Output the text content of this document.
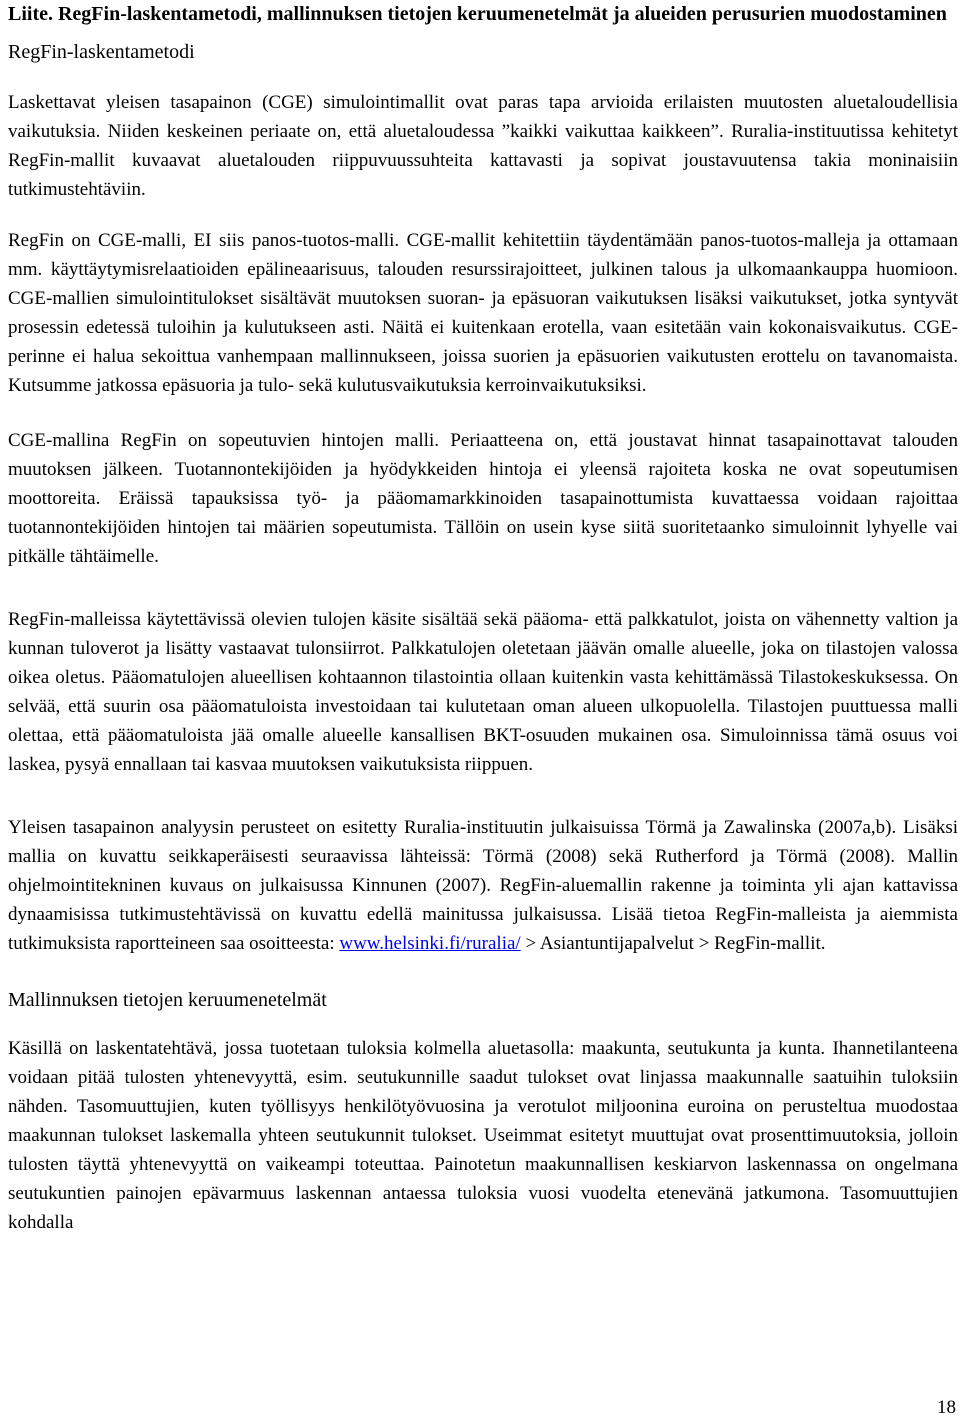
Liite. RegFin-laskentametodi, mallinnuksen tietojen keruumenetelmät ja alueiden perusurien muodostaminen

RegFin-laskentametodi

Laskettavat yleisen tasapainon (CGE) simulointimallit ovat paras tapa arvioida erilaisten muutosten aluetaloudellisia vaikutuksia. Niiden keskeinen periaate on, että aluetaloudessa ”kaikki vaikuttaa kaikkeen”. Ruralia-instituutissa kehitetyt RegFin-mallit kuvaavat aluetalouden riippuvuussuhteita kattavasti ja sopivat joustavuutensa takia moninaisiin tutkimustehtäviin.

RegFin on CGE-malli, EI siis panos-tuotos-malli. CGE-mallit kehitettiin täydentämään panos-tuotos-malleja ja ottamaan mm. käyttäytymisrelaatioiden epälineaarisuus, talouden resurssirajoitteet, julkinen talous ja ulkomaankauppa huomioon. CGE-mallien simulointitulokset sisältävät muutoksen suoran- ja epäsuoran vaikutuksen lisäksi vaikutukset, jotka syntyvät prosessin edetessä tuloihin ja kulutukseen asti. Näitä ei kuitenkaan erotella, vaan esitetään vain kokonaisvaikutus. CGE-perinne ei halua sekoittua vanhempaan mallinnukseen, joissa suorien ja epäsuorien vaikutusten erottelu on tavanomaista. Kutsumme jatkossa epäsuoria ja tulo- sekä kulutusvaikutuksia kerroinvaikutuksiksi.

CGE-mallina RegFin on sopeutuvien hintojen malli. Periaatteena on, että joustavat hinnat tasapainottavat talouden muutoksen jälkeen. Tuotannontekijöiden ja hyödykkeiden hintoja ei yleensä rajoiteta koska ne ovat sopeutumisen moottoreita. Eräissä tapauksissa työ- ja pääomamarkkinoiden tasapainottumista kuvattaessa voidaan rajoittaa tuotannontekijöiden hintojen tai määrien sopeutumista. Tällöin on usein kyse siitä suoritetaanko simuloinnit lyhyelle vai pitkälle tähtäimelle.

RegFin-malleissa käytettävissä olevien tulojen käsite sisältää sekä pääoma- että palkkatulot, joista on vähennetty valtion ja kunnan tuloverot ja lisätty vastaavat tulonsiirrot. Palkkatulojen oletetaan jäävän omalle alueelle, joka on tilastojen valossa oikea oletus. Pääomatulojen alueellisen kohtaannon tilastointia ollaan kuitenkin vasta kehittämässä Tilastokeskuksessa. On selvää, että suurin osa pääomatuloista investoidaan tai kulutetaan oman alueen ulkopuolella. Tilastojen puuttuessa malli olettaa, että pääomatuloista jää omalle alueelle kansallisen BKT-osuuden mukainen osa. Simuloinnissa tämä osuus voi laskea, pysyä ennallaan tai kasvaa muutoksen vaikutuksista riippuen.

Yleisen tasapainon analyysin perusteet on esitetty Ruralia-instituutin julkaisuissa Törmä ja Zawalinska (2007a,b). Lisäksi mallia on kuvattu seikkaperäisesti seuraavissa lähteissä: Törmä (2008) sekä Rutherford ja Törmä (2008). Mallin ohjelmointitekninen kuvaus on julkaisussa Kinnunen (2007). RegFin-aluemallin rakenne ja toiminta yli ajan kattavissa dynaamisissa tutkimustehtävissä on kuvattu edellä mainitussa julkaisussa. Lisää tietoa RegFin-malleista ja aiemmista tutkimuksista raportteineen saa osoitteesta: www.helsinki.fi/ruralia/ > Asiantuntijapalvelut > RegFin-mallit.

Mallinnuksen tietojen keruumenetelmät

Käsillä on laskentatehtävä, jossa tuotetaan tuloksia kolmella aluetasolla: maakunta, seutukunta ja kunta. Ihannetilanteena voidaan pitää tulosten yhtenevyyttä, esim. seutukunnille saadut tulokset ovat linjassa maakunnalle saatuihin tuloksiin nähden. Tasomuuttujien, kuten työllisyys henkilötyövuosina ja verotulot miljoonina euroina on perusteltua muodostaa maakunnan tulokset laskemalla yhteen seutukunnit tulokset. Useimmat esitetyt muuttujat ovat prosenttimuutoksia, jolloin tulosten täyttä yhtenevyyttä on vaikeampi toteuttaa. Painotetun maakunnallisen keskiarvon laskennassa on ongelmana seutukuntien painojen epävarmuus laskennan antaessa tuloksia vuosi vuodelta etenevänä jatkumona. Tasomuuttujien kohdalla

18
